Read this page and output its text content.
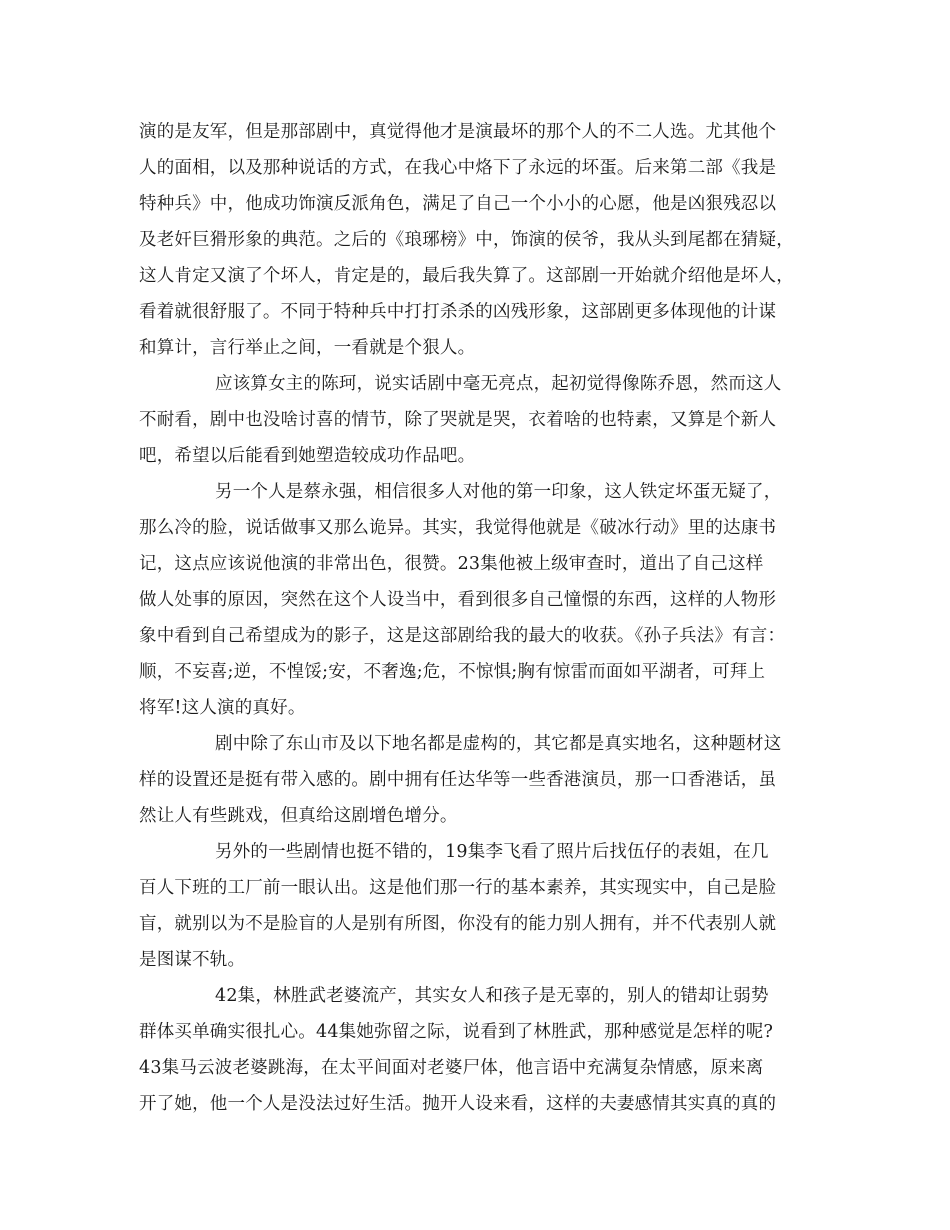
演的是友军，但是那部剧中，真觉得他才是演最坏的那个人的不二人选。尤其他个
人的面相，以及那种说话的方式，在我心中烙下了永远的坏蛋。后来第二部《我是
特种兵》中，他成功饰演反派角色，满足了自己一个小小的心愿，他是凶狠残忍以
及老奸巨猾形象的典范。之后的《琅琊榜》中，饰演的侯爷，我从头到尾都在猜疑，
这人肯定又演了个坏人，肯定是的，最后我失算了。这部剧一开始就介绍他是坏人，
看着就很舒服了。不同于特种兵中打打杀杀的凶残形象，这部剧更多体现他的计谋
和算计，言行举止之间，一看就是个狠人。
应该算女主的陈珂，说实话剧中毫无亮点，起初觉得像陈乔恩，然而这人
不耐看，剧中也没啥讨喜的情节，除了哭就是哭，衣着啥的也特素，又算是个新人
吧，希望以后能看到她塑造较成功作品吧。
另一个人是蔡永强，相信很多人对他的第一印象，这人铁定坏蛋无疑了，
那么冷的脸，说话做事又那么诡异。其实，我觉得他就是《破冰行动》里的达康书
记，这点应该说他演的非常出色，很赞。23集他被上级审查时，道出了自己这样
做人处事的原因，突然在这个人设当中，看到很多自己憧憬的东西，这样的人物形
象中看到自己希望成为的影子，这是这部剧给我的最大的收获。《孙子兵法》有言：
顺，不妄喜;逆，不惶馁;安，不奢逸;危，不惊惧;胸有惊雷而面如平湖者，可拜上
将军!这人演的真好。
剧中除了东山市及以下地名都是虚构的，其它都是真实地名，这种题材这
样的设置还是挺有带入感的。剧中拥有任达华等一些香港演员，那一口香港话，虽
然让人有些跳戏，但真给这剧增色增分。
另外的一些剧情也挺不错的，19集李飞看了照片后找伍仔的表姐，在几
百人下班的工厂前一眼认出。这是他们那一行的基本素养，其实现实中，自己是脸
盲，就别以为不是脸盲的人是别有所图，你没有的能力别人拥有，并不代表别人就
是图谋不轨。
42集，林胜武老婆流产，其实女人和孩子是无辜的，别人的错却让弱势
群体买单确实很扎心。44集她弥留之际，说看到了林胜武，那种感觉是怎样的呢?
43集马云波老婆跳海，在太平间面对老婆尸体，他言语中充满复杂情感，原来离
开了她，他一个人是没法过好生活。抛开人设来看，这样的夫妻感情其实真的真的
